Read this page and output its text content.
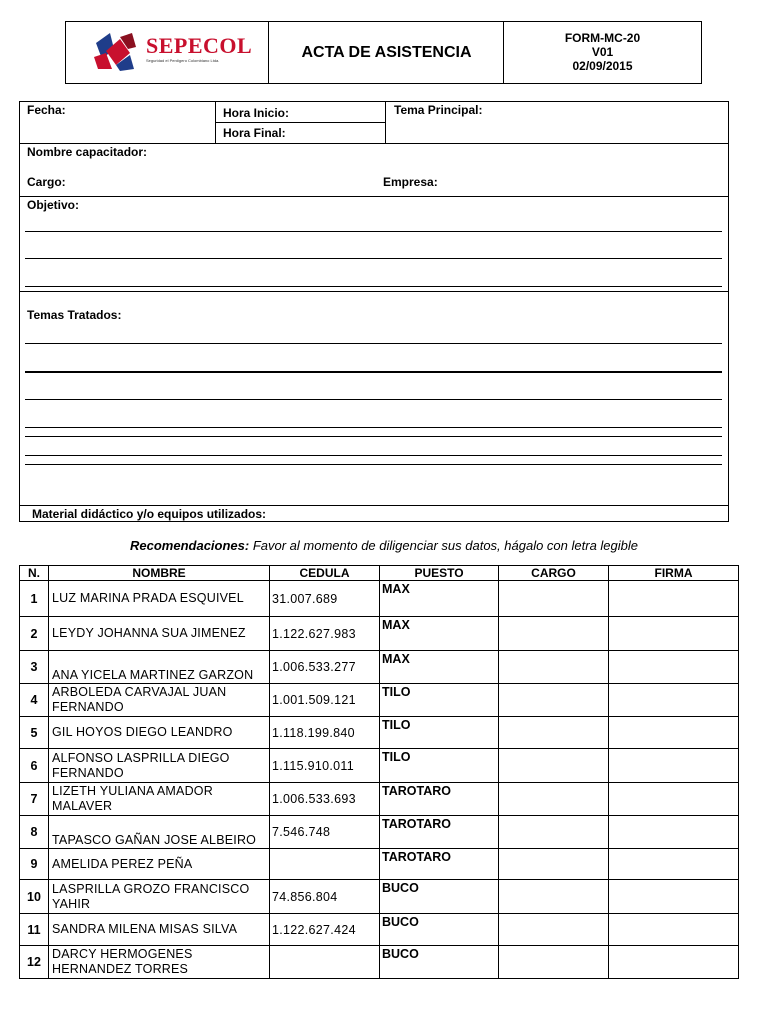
SEPECOL
Seguridad el Perdigero Colombiano Ltda.	ACTA DE ASISTENCIA
FORM-MC-20
V01
02/09/2015
Fecha:	Hora Inicio:
Hora Final:
Tema Principal:
Nombre capacitador:
Cargo:	Empresa:
Objetivo:
Temas Tratados:
Material didáctico y/o equipos utilizados:
Recomendaciones: Favor al momento de diligenciar sus datos, hágalo con letra legible
N.	NOMBRE	CEDULA	PUESTO	CARGO	FIRMA
1	LUZ MARINA PRADA ESQUIVEL	31.007.689	MAX		
2	LEYDY JOHANNA SUA JIMENEZ	1.122.627.983	MAX		
3	ANA YICELA MARTINEZ GARZON	1.006.533.277	MAX		
4	ARBOLEDA CARVAJAL JUAN FERNANDO	1.001.509.121	TILO		
5	GIL HOYOS DIEGO LEANDRO	1.118.199.840	TILO		
6	ALFONSO LASPRILLA DIEGO FERNANDO	1.115.910.011	TILO		
7	LIZETH YULIANA AMADOR MALAVER	1.006.533.693	TAROTARO		
8	TAPASCO GAÑAN JOSE ALBEIRO	7.546.748	TAROTARO		
9	AMELIDA PEREZ PEÑA		TAROTARO		
10	LASPRILLA GROZO FRANCISCO YAHIR	74.856.804	BUCO		
11	SANDRA MILENA MISAS SILVA	1.122.627.424	BUCO		
12	DARCY HERMOGENES HERNANDEZ TORRES		BUCO		
